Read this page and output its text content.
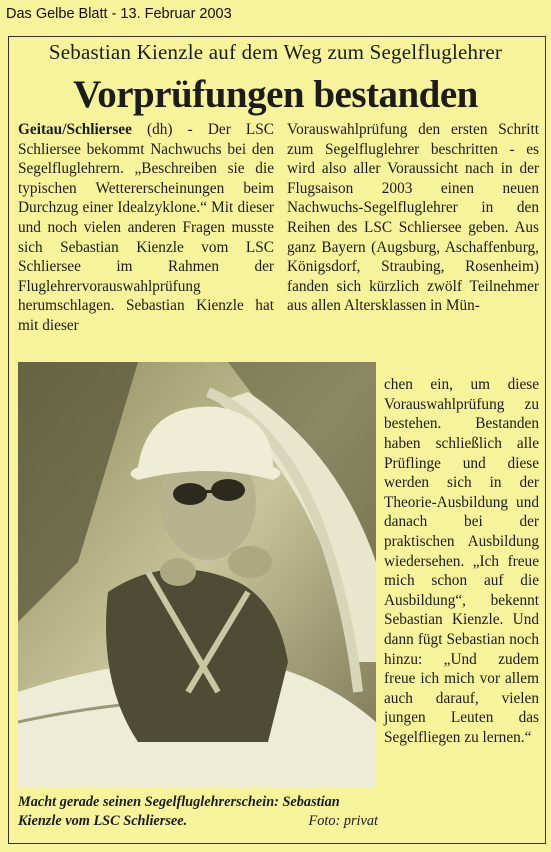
Das Gelbe Blatt - 13. Februar 2003
Sebastian Kienzle auf dem Weg zum Segelfluglehrer
Vorprüfungen bestanden

Geitau/Schliersee (dh) - Der LSC Schliersee bekommt Nachwuchs bei den Segelfluglehrern. „Beschreiben sie die typischen Wettererscheinungen beim Durchzug einer Idealzyklone.“ Mit dieser und noch vielen anderen Fragen musste sich Sebastian Kienzle vom LSC Schliersee im Rahmen der Fluglehrervorauswahlprüfung herumschlagen. Sebastian Kienzle hat mit dieser

Vorauswahlprüfung den ersten Schritt zum Segelfluglehrer beschritten - es wird also aller Voraussicht nach in der Flugsaison 2003 einen neuen Nachwuchs-Segelfluglehrer in den Reihen des LSC Schliersee geben. Aus ganz Bayern (Augsburg, Aschaffenburg, Königsdorf, Straubing, Rosenheim) fanden sich kürzlich zwölf Teilnehmer aus allen Altersklassen in Mün-

chen ein, um diese Vorauswahlprüfung zu bestehen. Bestanden haben schließlich alle Prüflinge und diese werden sich in der Theorie-Ausbildung und danach bei der praktischen Ausbildung wiedersehen. „Ich freue mich schon auf die Ausbildung“, bekennt Sebastian Kienzle. Und dann fügt Sebastian noch hinzu: „Und zudem freue ich mich vor allem auch darauf, vielen jungen Leuten das Segelfliegen zu lernen.“

Macht gerade seinen Segelfluglehrerschein: Sebastian Kienzle vom LSC Schliersee.	Foto: privat
